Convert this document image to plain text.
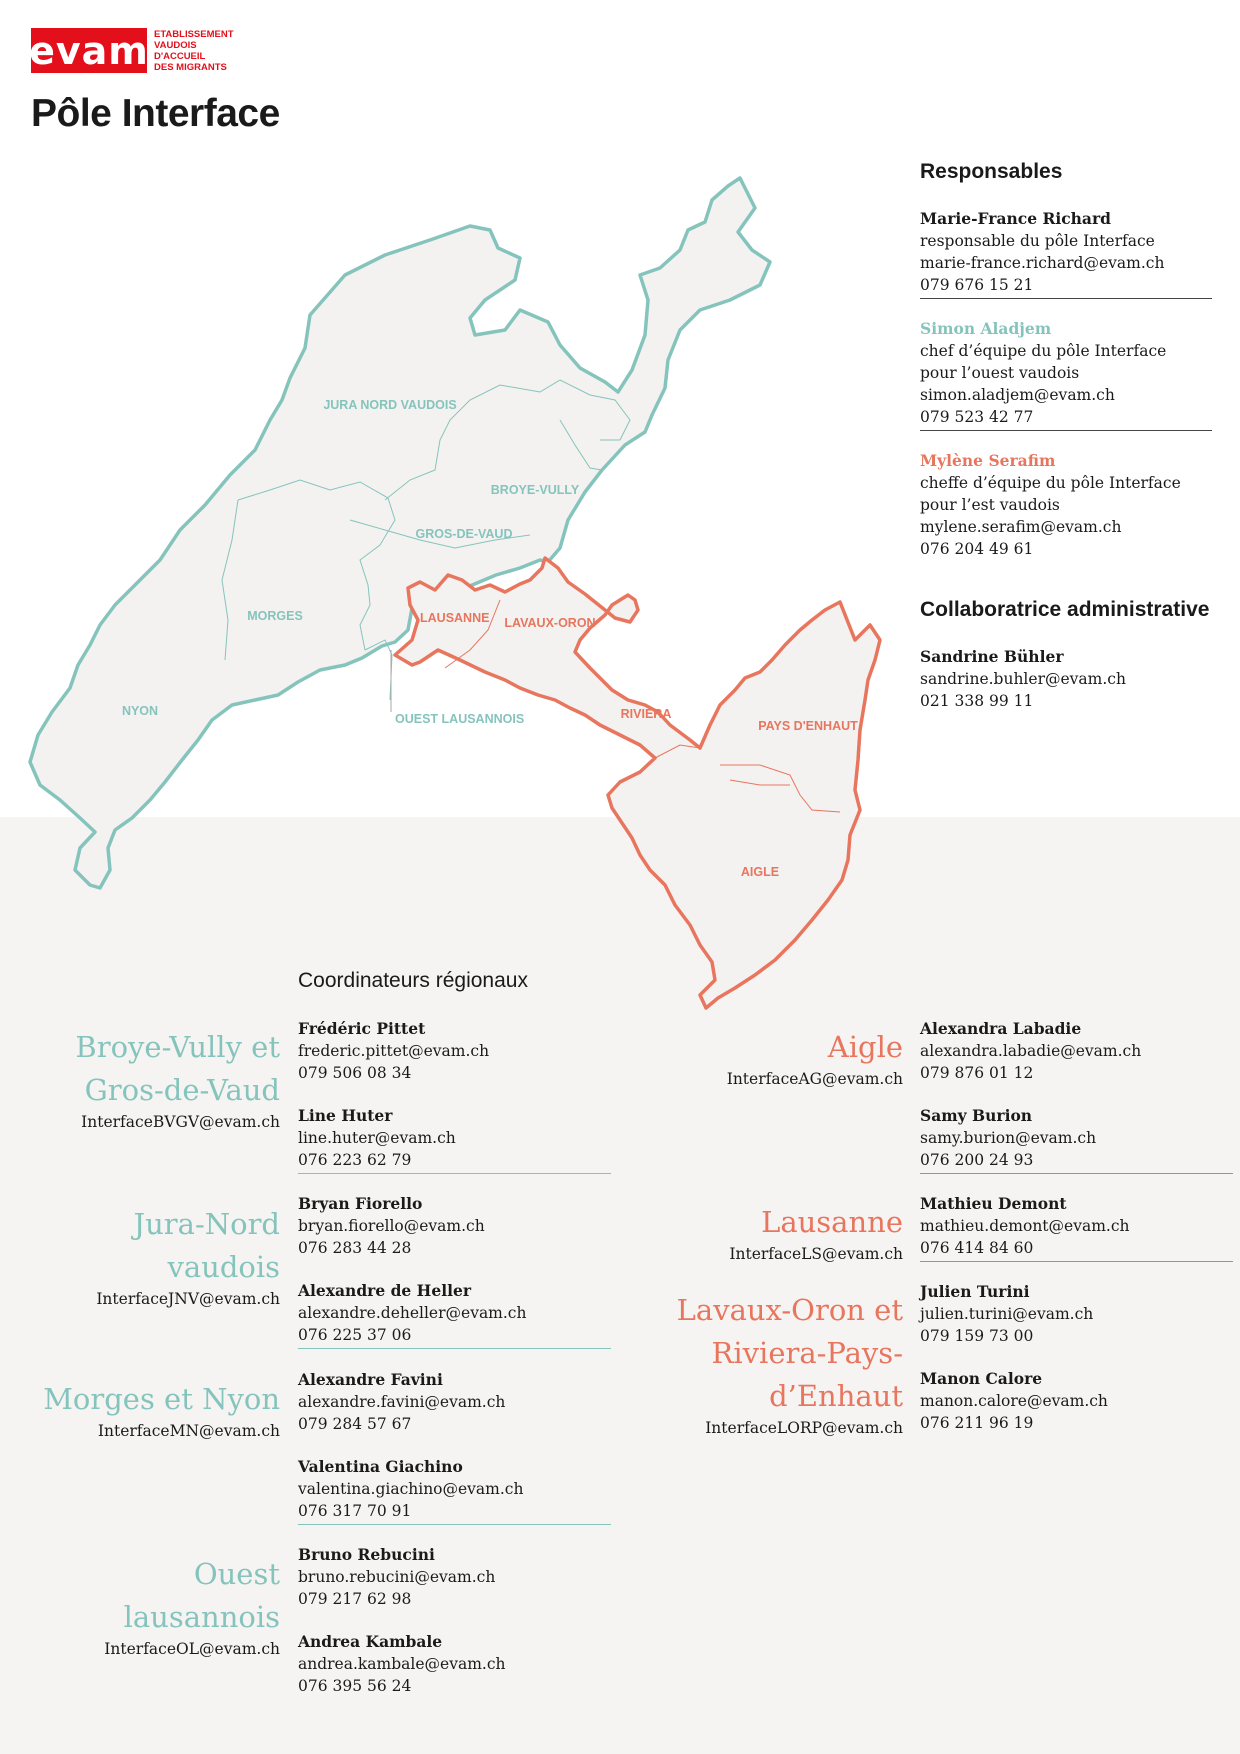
evam ETABLISSEMENT
VAUDOIS
D'ACCUEIL
DES MIGRANTS
Pôle Interface
JURA NORD VAUDOIS
BROYE-VULLY
GROS-DE-VAUD
MORGES
NYON
OUEST LAUSANNOIS
LAUSANNE LAVAUX-ORON
RIVIERA
PAYS D'ENHAUT
AIGLE
Responsables
Marie-France Richard
responsable du pôle Interface
marie-france.richard@evam.ch
079 676 15 21
Simon Aladjem
chef d’équipe du pôle Interface
pour l’ouest vaudois
simon.aladjem@evam.ch
079 523 42 77
Mylène Serafim
cheffe d’équipe du pôle Interface
pour l’est vaudois
mylene.serafim@evam.ch
076 204 49 61
Collaboratrice administrative
Sandrine Bühler
sandrine.buhler@evam.ch
021 338 99 11
Coordinateurs régionaux
Broye-Vully et
Gros-de-Vaud
InterfaceBVGV@evam.ch
Frédéric Pittet
frederic.pittet@evam.ch
079 506 08 34
Line Huter
line.huter@evam.ch
076 223 62 79
Jura-Nord
vaudois
InterfaceJNV@evam.ch
Bryan Fiorello
bryan.fiorello@evam.ch
076 283 44 28
Alexandre de Heller
alexandre.deheller@evam.ch
076 225 37 06
Morges et Nyon
InterfaceMN@evam.ch
Alexandre Favini
alexandre.favini@evam.ch
079 284 57 67
Valentina Giachino
valentina.giachino@evam.ch
076 317 70 91
Ouest lausannois
InterfaceOL@evam.ch
Bruno Rebucini
bruno.rebucini@evam.ch
079 217 62 98
Andrea Kambale
andrea.kambale@evam.ch
076 395 56 24
Aigle
InterfaceAG@evam.ch
Alexandra Labadie
alexandra.labadie@evam.ch
079 876 01 12
Samy Burion
samy.burion@evam.ch
076 200 24 93
Lausanne
InterfaceLS@evam.ch
Mathieu Demont
mathieu.demont@evam.ch
076 414 84 60
Lavaux-Oron et
Riviera-Pays-
d’Enhaut
InterfaceLORP@evam.ch
Julien Turini
julien.turini@evam.ch
079 159 73 00
Manon Calore
manon.calore@evam.ch
076 211 96 19
